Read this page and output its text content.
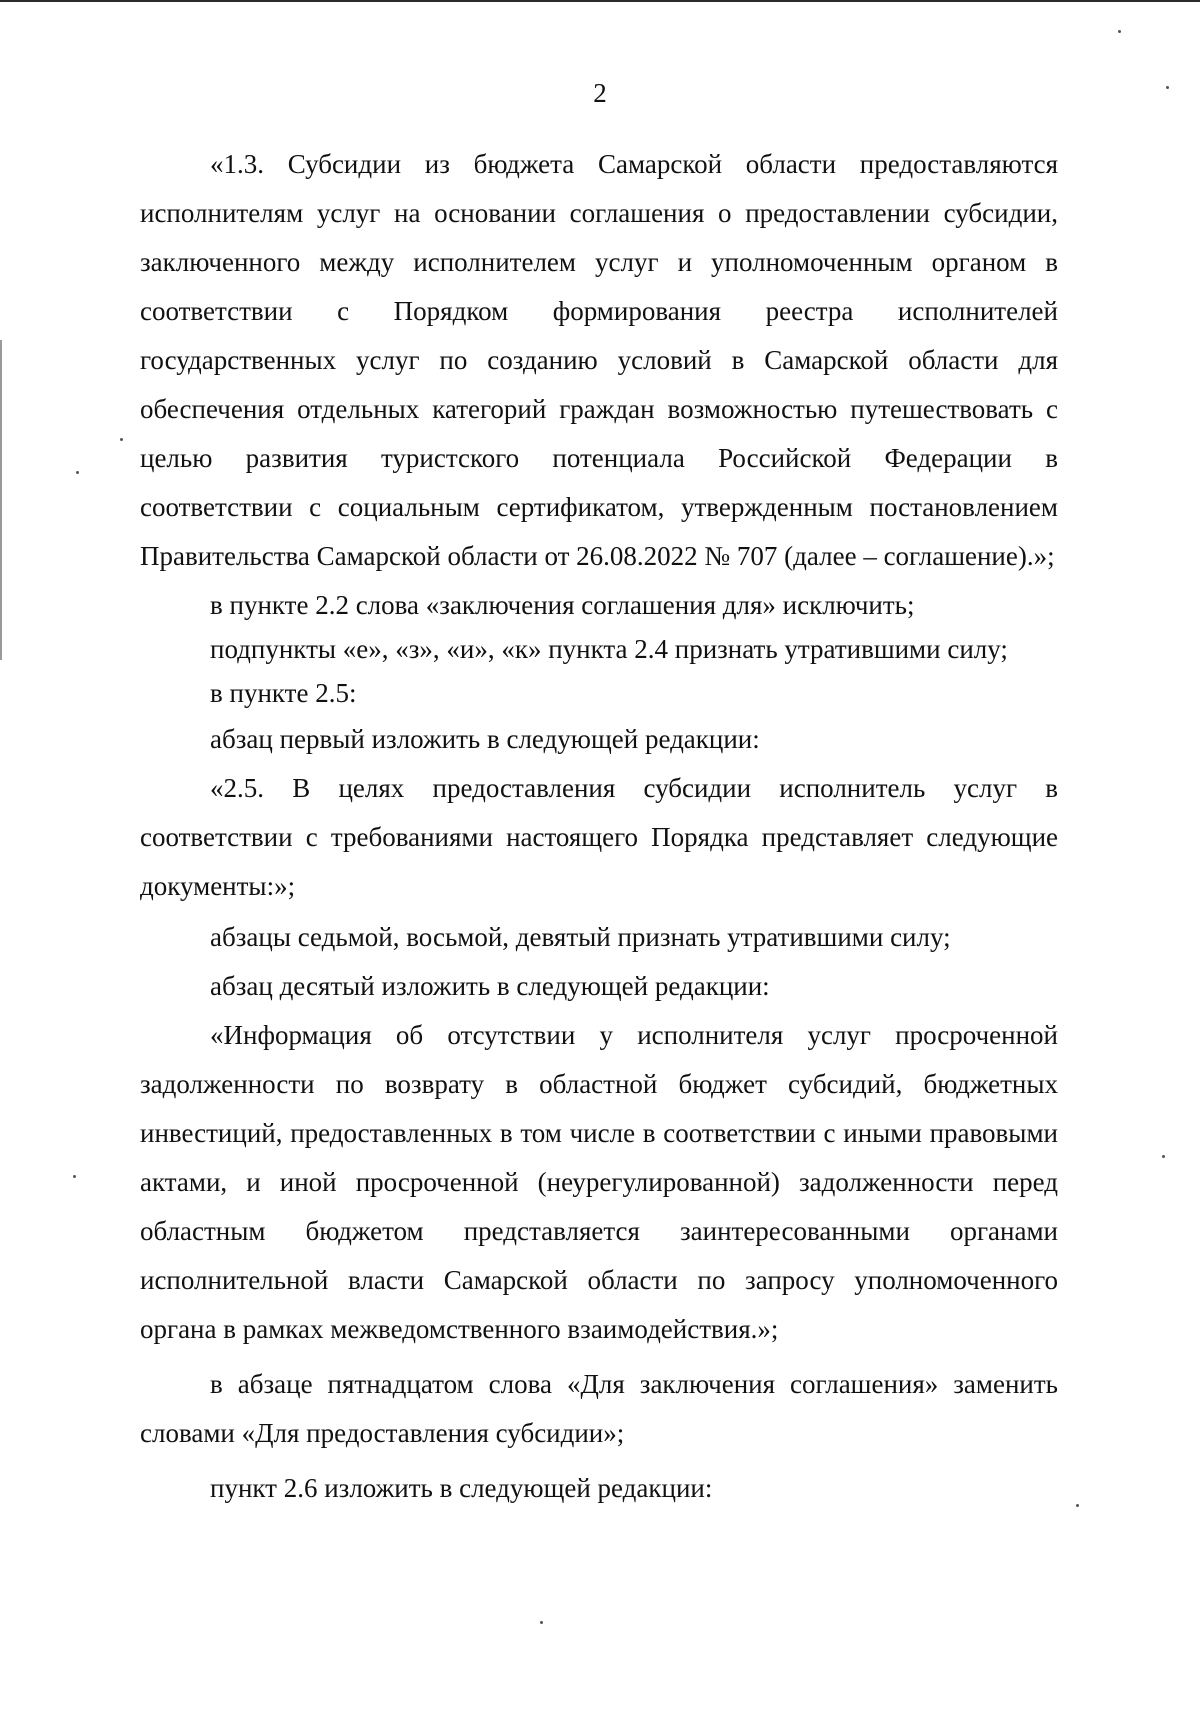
2

«1.3. Субсидии из бюджета Самарской области предоставляются исполнителям услуг на основании соглашения о предоставлении субсидии, заключенного между исполнителем услуг и уполномоченным органом в соответствии с Порядком формирования реестра исполнителей государственных услуг по созданию условий в Самарской области для обеспечения отдельных категорий граждан возможностью путешествовать с целью развития туристского потенциала Российской Федерации в соответствии с социальным сертификатом, утвержденным постановлением Правительства Самарской области от 26.08.2022 № 707 (далее – соглашение).»;

в пункте 2.2 слова «заключения соглашения для» исключить;

подпункты «е», «з», «и», «к» пункта 2.4 признать утратившими силу;

в пункте 2.5:

абзац первый изложить в следующей редакции:

«2.5. В целях предоставления субсидии исполнитель услуг в соответствии с требованиями настоящего Порядка представляет следующие документы:»;

абзацы седьмой, восьмой, девятый признать утратившими силу;

абзац десятый изложить в следующей редакции:

«Информация об отсутствии у исполнителя услуг просроченной задолженности по возврату в областной бюджет субсидий, бюджетных инвестиций, предоставленных в том числе в соответствии с иными правовыми актами, и иной просроченной (неурегулированной) задолженности перед областным бюджетом представляется заинтересованными органами исполнительной власти Самарской области по запросу уполномоченного органа в рамках межведомственного взаимодействия.»;

в абзаце пятнадцатом слова «Для заключения соглашения» заменить словами «Для предоставления субсидии»;

пункт 2.6 изложить в следующей редакции:
